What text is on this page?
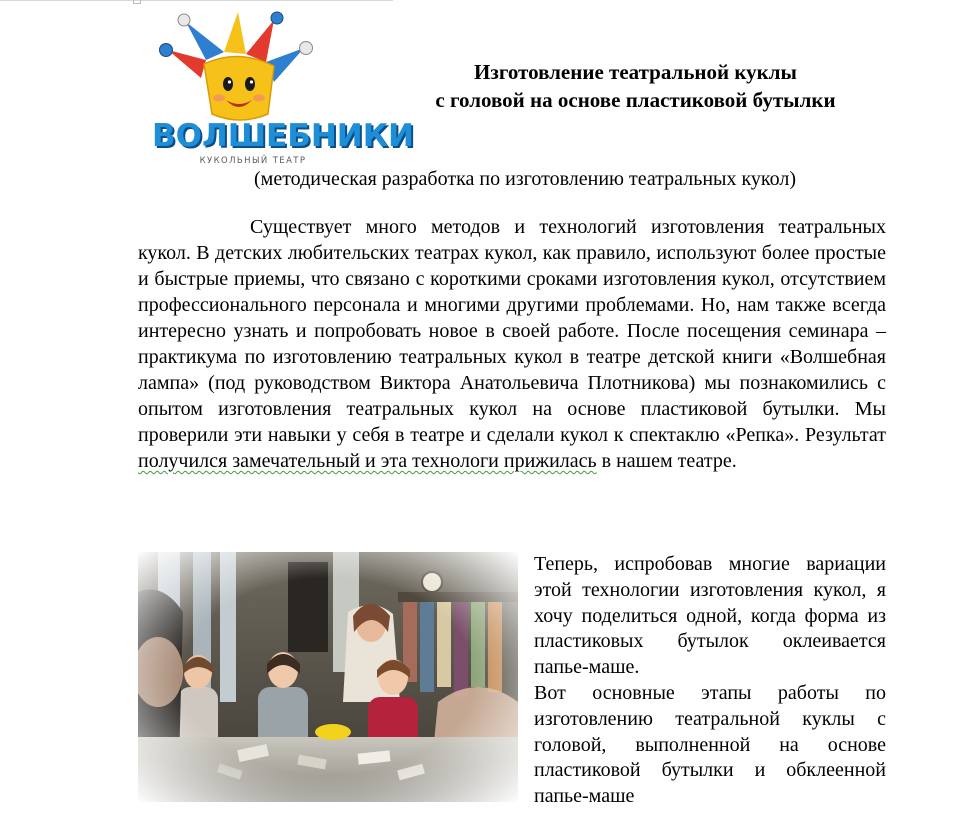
ВОЛШЕБНИКИ
КУКОЛЬНЫЙ ТЕАТР
Изготовление театральной куклы
с головой на основе пластиковой бутылки
(методическая разработка по изготовлению театральных кукол)
Существует много методов и технологий изготовления театральных кукол. В детских любительских театрах кукол, как правило, используют более простые и быстрые приемы, что связано с короткими сроками изготовления кукол, отсутствием профессионального персонала и многими другими проблемами. Но, нам также всегда интересно узнать и попробовать новое в своей работе. После посещения семинара – практикума по изготовлению театральных кукол в театре детской книги «Волшебная лампа» (под руководством Виктора Анатольевича Плотникова) мы познакомились с опытом изготовления театральных кукол на основе пластиковой бутылки. Мы проверили эти навыки у себя в театре и сделали кукол к спектаклю «Репка». Результат получился замечательный и эта технологи прижилась в нашем театре.

Теперь, испробовав многие вариации этой технологии изготовления кукол, я хочу поделиться одной, когда форма из пластиковых бутылок оклеивается папье-маше.

Вот основные этапы работы по изготовлению театральной куклы с головой, выполненной на основе пластиковой бутылки и обклеенной папье-маше
